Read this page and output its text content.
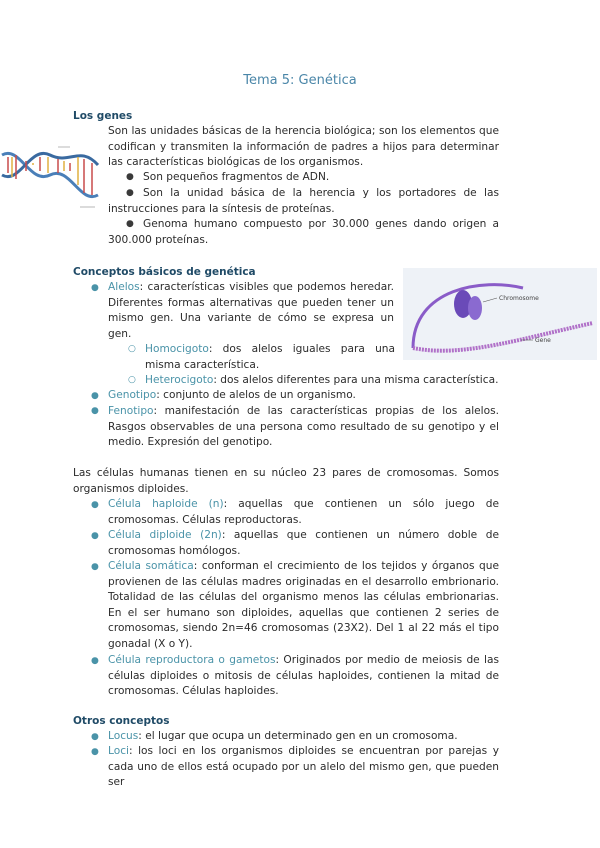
Tema 5: Genética
Los genes
Son las unidades básicas de la herencia biológica; son los elementos que codifican y transmiten la información de padres a hijos para determinar las características biológicas de los organismos.
● Son pequeños fragmentos de ADN.
● Son la unidad básica de la herencia y los portadores de las instrucciones para la síntesis de proteínas.
● Genoma humano compuesto por 30.000 genes dando origen a 300.000 proteínas.
Conceptos básicos de genética
Chromosome
Gene
● Alelos: características visibles que podemos heredar. Diferentes formas alternativas que pueden tener un mismo gen. Una variante de cómo se expresa un gen.
○ Homocigoto: dos alelos iguales para una misma característica.
○ Heterocigoto: dos alelos diferentes para una misma característica.
● Genotipo: conjunto de alelos de un organismo.
● Fenotipo: manifestación de las características propias de los alelos. Rasgos observables de una persona como resultado de su genotipo y el medio. Expresión del genotipo.
Las células humanas tienen en su núcleo 23 pares de cromosomas. Somos organismos diploides.
● Célula haploide (n): aquellas que contienen un sólo juego de cromosomas. Células reproductoras.
● Célula diploide (2n): aquellas que contienen un número doble de cromosomas homólogos.
● Célula somática: conforman el crecimiento de los tejidos y órganos que provienen de las células madres originadas en el desarrollo embrionario. Totalidad de las células del organismo menos las células embrionarias. En el ser humano son diploides, aquellas que contienen 2 series de cromosomas, siendo 2n=46 cromosomas (23X2). Del 1 al 22 más el tipo gonadal (X o Y).
● Célula reproductora o gametos: Originados por medio de meiosis de las células diploides o mitosis de células haploides, contienen la mitad de cromosomas. Células haploides.
Otros conceptos
● Locus: el lugar que ocupa un determinado gen en un cromosoma.
● Loci: los loci en los organismos diploides se encuentran por parejas y cada uno de ellos está ocupado por un alelo del mismo gen, que pueden ser
